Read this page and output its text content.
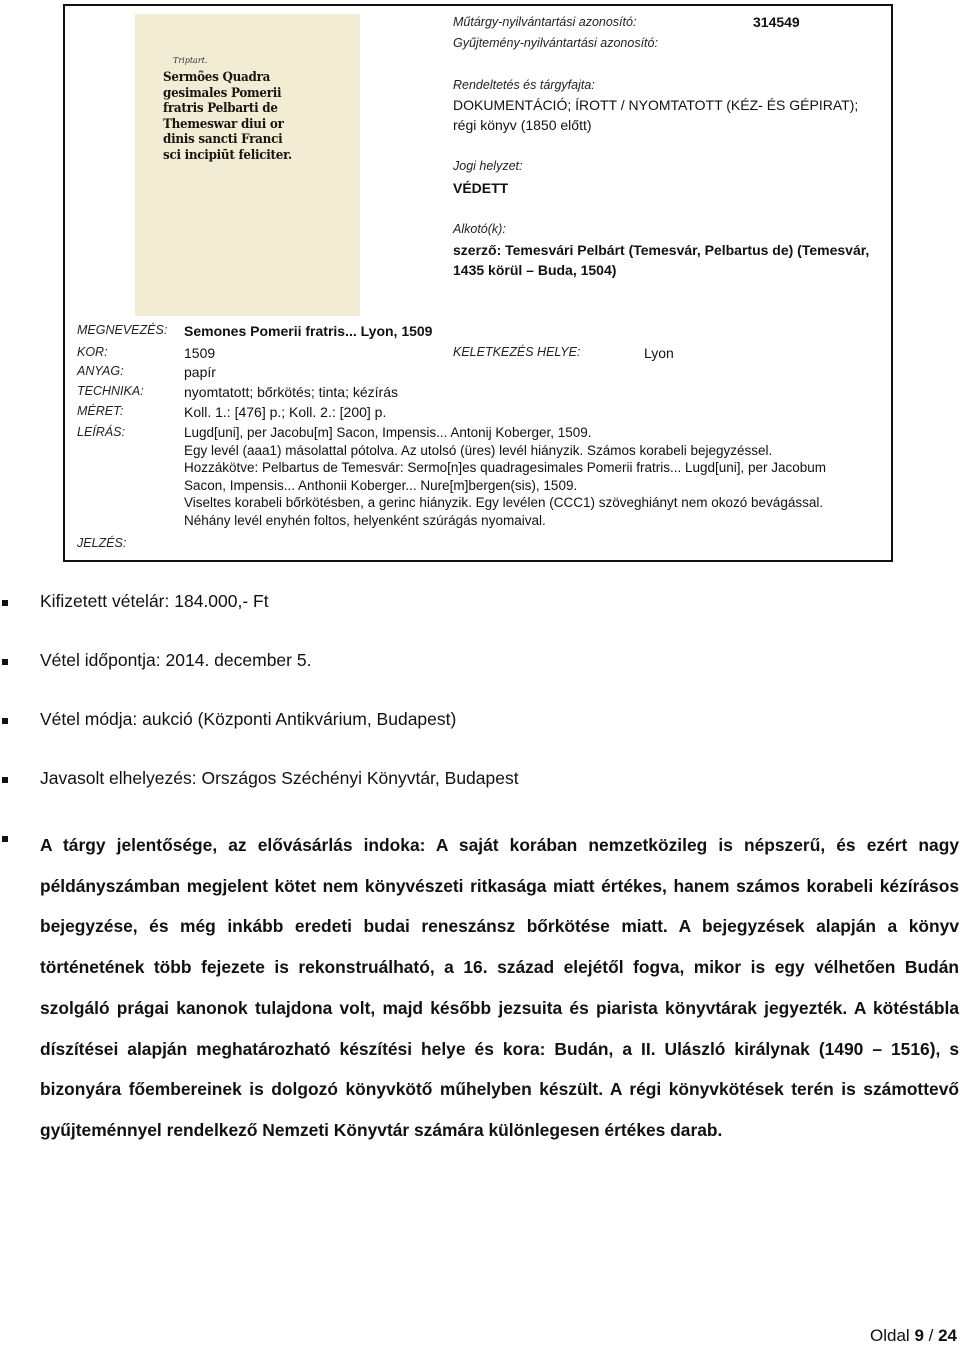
Triptart.
Sermões Quadra
gesimales Pomerii
fratris Pelbarti de
Themeswar diui or
dinis sancti Franci
sci incipiūt feliciter.
Műtárgy-nyilvántartási azonosító:	314549
Gyűjtemény-nyilvántartási azonosító:
Rendeltetés és tárgyfajta:
DOKUMENTÁCIÓ; ÍROTT / NYOMTATOTT (KÉZ- ÉS GÉPIRAT);
régi könyv (1850 előtt)
Jogi helyzet:
VÉDETT
Alkotó(k):
szerző: Temesvári Pelbárt (Temesvár, Pelbartus de) (Temesvár,
1435 körül – Buda, 1504)
MEGNEVEZÉS: Semones Pomerii fratris... Lyon, 1509
KOR:	1509	KELETKEZÉS HELYE:	Lyon
ANYAG:	papír
TECHNIKA:	nyomtatott; bőrkötés; tinta; kézírás
MÉRET:	Koll. 1.: [476] p.; Koll. 2.: [200] p.
LEÍRÁS:	Lugd[uni], per Jacobu[m] Sacon, Impensis... Antonij Koberger, 1509.
Egy levél (aaa1) másolattal pótolva. Az utolsó (üres) levél hiányzik. Számos korabeli bejegyzéssel.
Hozzákötve: Pelbartus de Temesvár: Sermo[n]es quadragesimales Pomerii fratris... Lugd[uni], per Jacobum
Sacon, Impensis... Anthonii Koberger... Nure[m]bergen(sis), 1509.
Viseltes korabeli bőrkötésben, a gerinc hiányzik. Egy levélen (CCC1) szöveghiányt nem okozó bevágással.
Néhány levél enyhén foltos, helyenként szúrágás nyomaival.
JELZÉS:
Kifizetett vételár: 184.000,- Ft
Vétel időpontja: 2014. december 5.
Vétel módja: aukció (Központi Antikvárium, Budapest)
Javasolt elhelyezés: Országos Széchényi Könyvtár, Budapest
A tárgy jelentősége, az elővásárlás indoka: A saját korában nemzetközileg is népszerű, és ezért nagy példányszámban megjelent kötet nem könyvészeti ritkasága miatt értékes, hanem számos korabeli kézírásos bejegyzése, és még inkább eredeti budai reneszánsz bőrkötése miatt. A bejegyzések alapján a könyv történetének több fejezete is rekonstruálható, a 16. század elejétől fogva, mikor is egy vélhetően Budán szolgáló prágai kanonok tulajdona volt, majd később jezsuita és piarista könyvtárak jegyezték. A kötéstábla díszítései alapján meghatározható készítési helye és kora: Budán, a II. Ulászló királynak (1490 – 1516), s bizonyára főembereinek is dolgozó könyvkötő műhelyben készült. A régi könyvkötések terén is számottevő gyűjteménnyel rendelkező Nemzeti Könyvtár számára különlegesen értékes darab.
Oldal 9 / 24
